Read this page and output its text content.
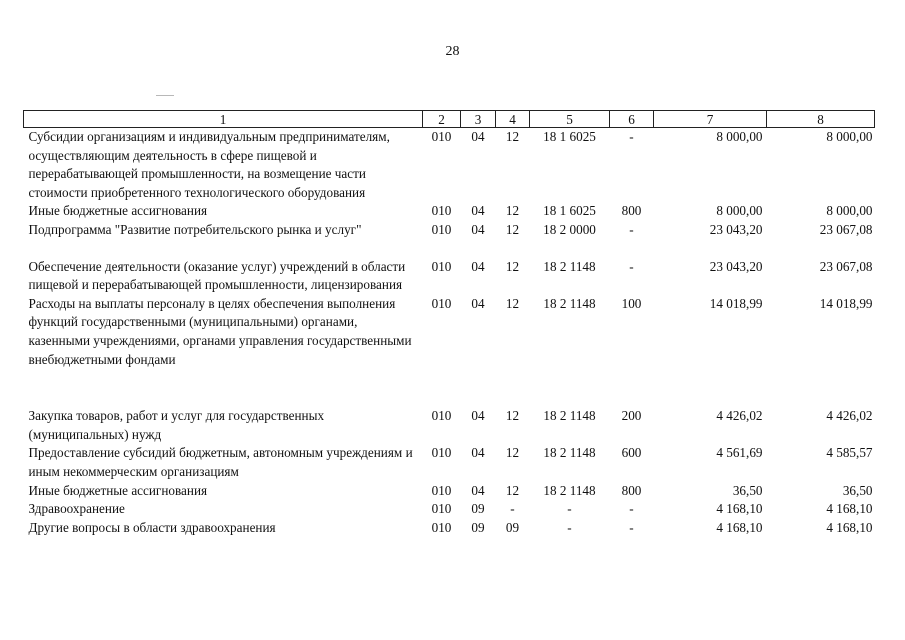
28
1	2	3	4	5	6	7	8
Субсидии организациям и индивидуальным предпринимателям, осуществляющим деятельность в сфере пищевой и перерабатывающей промышленности, на возмещение части стоимости приобретенного технологического оборудования	010	04	12	18 1 6025	-	8 000,00	8 000,00
Иные бюджетные ассигнования	010	04	12	18 1 6025	800	8 000,00	8 000,00
Подпрограмма "Развитие потребительского рынка и услуг"	010	04	12	18 2 0000	-	23 043,20	23 067,08
Обеспечение деятельности (оказание услуг) учреждений в области пищевой и перерабатывающей промышленности, лицензирования	010	04	12	18 2 1148	-	23 043,20	23 067,08
Расходы на выплаты персоналу в целях обеспечения выполнения функций государственными (муниципальными) органами, казенными учреждениями, органами управления государственными внебюджетными фондами	010	04	12	18 2 1148	100	14 018,99	14 018,99
Закупка товаров, работ и услуг для государственных (муниципальных) нужд	010	04	12	18 2 1148	200	4 426,02	4 426,02
Предоставление субсидий бюджетным, автономным учреждениям и иным некоммерческим организациям	010	04	12	18 2 1148	600	4 561,69	4 585,57
Иные бюджетные ассигнования	010	04	12	18 2 1148	800	36,50	36,50
Здравоохранение	010	09	-	-	-	4 168,10	4 168,10
Другие вопросы в области здравоохранения	010	09	09	-	-	4 168,10	4 168,10
